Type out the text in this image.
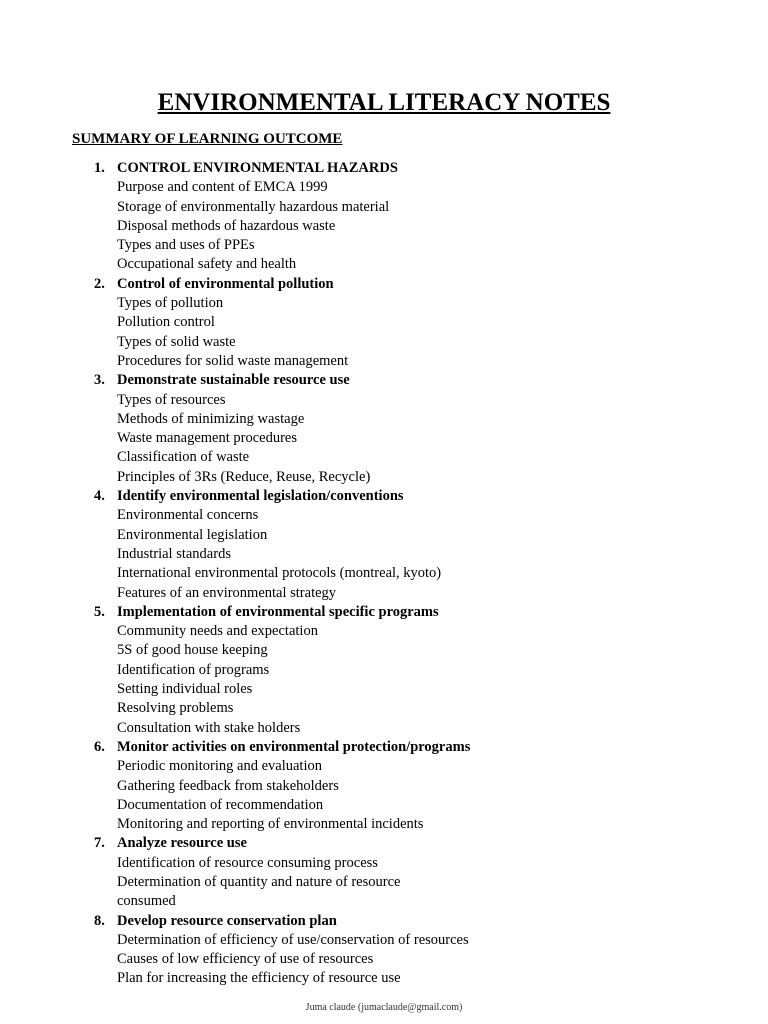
ENVIRONMENTAL LITERACY NOTES
SUMMARY OF LEARNING OUTCOME
1. CONTROL ENVIRONMENTAL HAZARDS
Purpose and content of EMCA 1999
Storage of environmentally hazardous material
Disposal methods of hazardous waste
Types and uses of PPEs
Occupational safety and health
2. Control of environmental pollution
Types of pollution
Pollution control
Types of solid waste
Procedures for solid waste management
3. Demonstrate sustainable resource use
Types of resources
Methods of minimizing wastage
Waste management procedures
Classification of waste
Principles of 3Rs (Reduce, Reuse, Recycle)
4. Identify environmental legislation/conventions
Environmental concerns
Environmental legislation
Industrial standards
International environmental protocols (montreal, kyoto)
Features of an environmental strategy
5. Implementation of environmental specific programs
Community needs and expectation
5S of good house keeping
Identification of programs
Setting individual roles
Resolving problems
Consultation with stake holders
6. Monitor activities on environmental protection/programs
Periodic monitoring and evaluation
Gathering feedback from stakeholders
Documentation of recommendation
Monitoring and reporting of environmental incidents
7. Analyze resource use
Identification of resource consuming process
Determination of quantity and nature of resource
consumed
8. Develop resource conservation plan
Determination of efficiency of use/conservation of resources
Causes of low efficiency of use of resources
Plan for increasing the efficiency of resource use
Juma claude (jumaclaude@gmail.com)
